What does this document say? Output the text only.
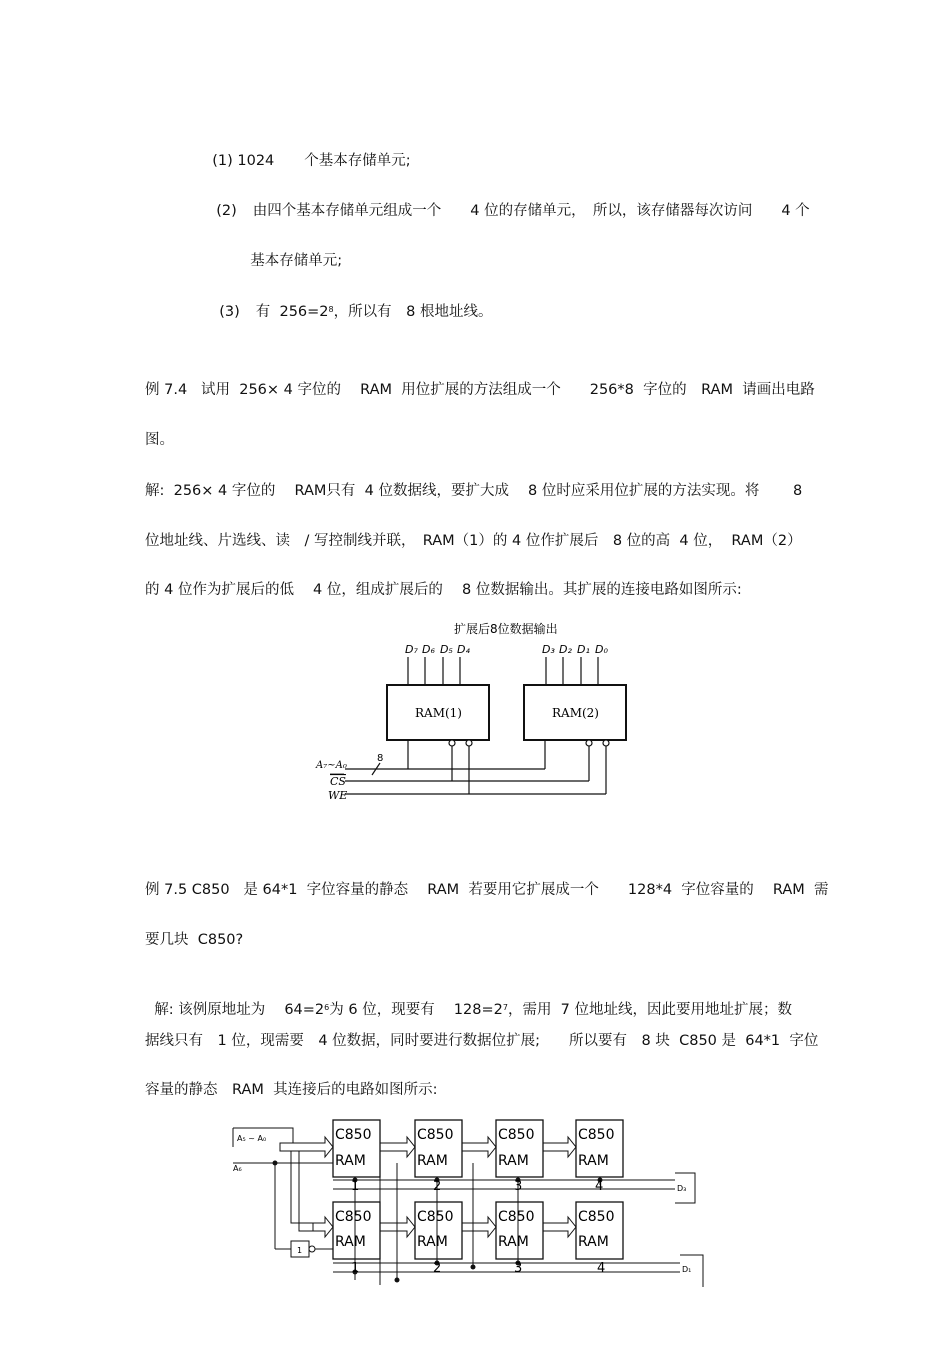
(1) 1024 个基本存储单元;

(2) 由四个基本存储单元组成一个　　4 位的存储单元，　所以，该存储器每次访问　　4 个

基本存储单元;

(3) 有  $256=2^8$，所以有　8 根地址线。

例 7.4   试用  256× 4 字位的　 RAM  用位扩展的方法组成一个　　256*8  字位的　RAM  请画出电路
图。
解:  256× 4 字位的　 RAM只有  4 位数据线，要扩大成　 8 位时应采用位扩展的方法实现。将　　 8
位地址线、片选线、读　/ 写控制线并联，　RAM（1）的 4 位作扩展后　8 位的高  4 位，  RAM（2）
的 4 位作为扩展后的低　 4 位，组成扩展后的　 8 位数据输出。其扩展的连接电路如图所示:
扩展后8位数据输出
D₇ D₆ D₅ D₄	D₃ D₂ D₁ D₀
RAM(1)	RAM(2)
8
A₇~A₀
CS
WE
例 7.5 C850   是 64*1  字位容量的静态　 RAM  若要用它扩展成一个　　128*4  字位容量的　 RAM  需
要几块  C850?

解: 该例原地址为　 $64=2^6$为 6 位，现要有　 $128=2^7$，需用  7 位地址线，因此要用地址扩展；数

据线只有　1 位，现需要　4 位数据，同时要进行数据位扩展;　　所以要有　8 块  C850 是  64*1  字位
容量的静态　RAM  其连接后的电路如图所示:
A₅ ~ A₀
A₆
1
D₃
D₁
C850
RAM
C850
RAM
C850
RAM
C850
RAM
C850
RAM
C850
RAM
C850
RAM
C850
RAM
1	2	3	4
1	2	3	4
